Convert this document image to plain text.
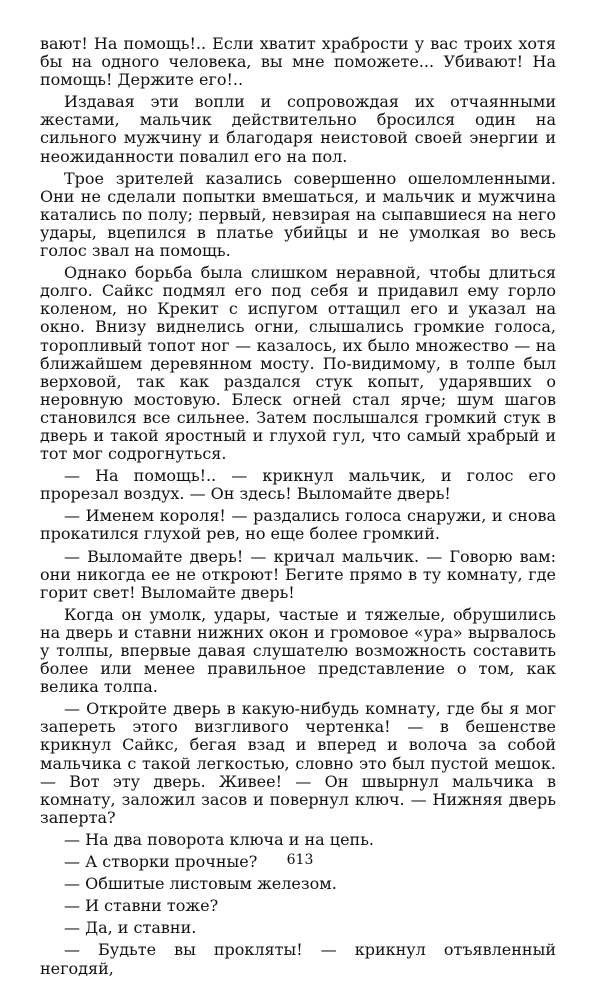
вают! На помощь!.. Если хватит храбрости у вас троих хотя бы на одного человека, вы мне поможете... Убивают! На помощь! Держите его!..

Издавая эти вопли и сопровождая их отчаянными жестами, мальчик действительно бросился один на сильного мужчину и благодаря неистовой своей энергии и неожиданности повалил его на пол.

Трое зрителей казались совершенно ошеломленными. Они не сделали попытки вмешаться, и мальчик и мужчина катались по полу; первый, невзирая на сыпавшиеся на него удары, вцепился в платье убийцы и не умолкая во весь голос звал на помощь.

Однако борьба была слишком неравной, чтобы длиться долго. Сайкс подмял его под себя и придавил ему горло коленом, но Крекит с испугом оттащил его и указал на окно. Внизу виднелись огни, слышались громкие голоса, торопливый топот ног — казалось, их было множество — на ближайшем деревянном мосту. По-видимому, в толпе был верховой, так как раздался стук копыт, ударявших о неровную мостовую. Блеск огней стал ярче; шум шагов становился все сильнее. Затем послышался громкий стук в дверь и такой яростный и глухой гул, что самый храбрый и тот мог содрогнуться.

— На помощь!.. — крикнул мальчик, и голос его прорезал воздух. — Он здесь! Выломайте дверь!

— Именем короля! — раздались голоса снаружи, и снова прокатился глухой рев, но еще более громкий.

— Выломайте дверь! — кричал мальчик. — Говорю вам: они никогда ее не откроют! Бегите прямо в ту комнату, где горит свет! Выломайте дверь!

Когда он умолк, удары, частые и тяжелые, обрушились на дверь и ставни нижних окон и громовое «ура» вырвалось у толпы, впервые давая слушателю возможность составить более или менее правильное представление о том, как велика толпа.

— Откройте дверь в какую-нибудь комнату, где бы я мог запереть этого визгливого чертенка! — в бешенстве крикнул Сайкс, бегая взад и вперед и волоча за собой мальчика с такой легкостью, словно это был пустой мешок. — Вот эту дверь. Живее! — Он швырнул мальчика в комнату, заложил засов и повернул ключ. — Нижняя дверь заперта?

— На два поворота ключа и на цепь.

— А створки прочные?

— Обшитые листовым железом.

— И ставни тоже?

— Да, и ставни.

— Будьте вы прокляты! — крикнул отъявленный негодяй,

613
